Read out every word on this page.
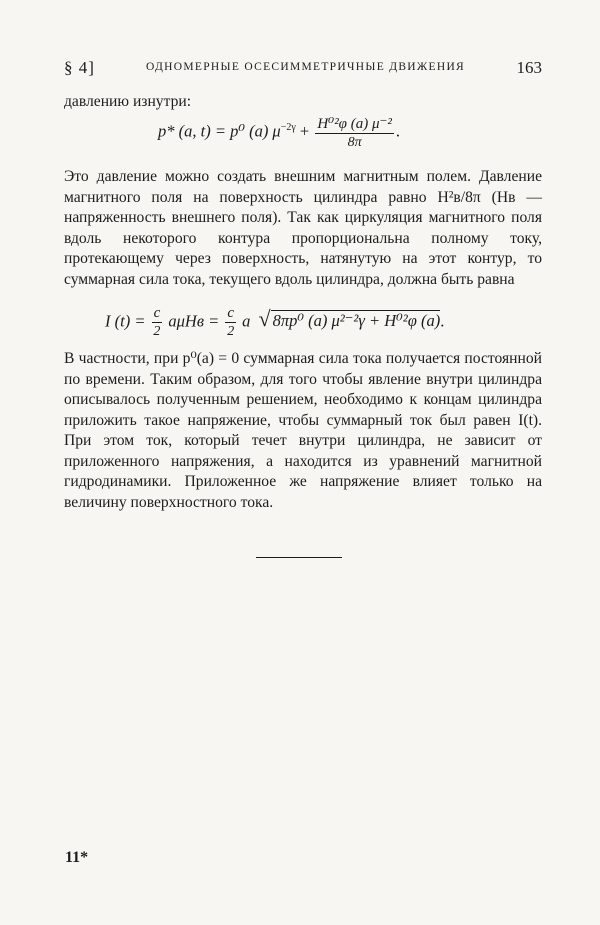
§ 4]	ОДНОМЕРНЫЕ ОСЕСИММЕТРИЧНЫЕ ДВИЖЕНИЯ	163
давлению изнутри:
p* (a, t) = p⁰ (a) $\mu^{-2\gamma} + \frac{\text{H⁰²φ (a) μ⁻²}}{8\pi}$ .
Это давление можно создать внешним магнитным полем. Давление магнитного поля на поверхность цилиндра равно H²в/8π (Hв — напряженность внешнего поля). Так как циркуляция магнитного поля вдоль некоторого контура пропорциональна полному току, протекающему через поверхность, натянутую на этот контур, то суммарная сила тока, текущего вдоль цилиндра, должна быть равна
I $(t) = \frac{c}{2}$ $a\mu Hв = \frac{c}{2}$ a √ 8πp⁰ (a) μ²⁻²γ + H⁰²φ (a).
В частности, при p⁰(a) = 0 суммарная сила тока получается постоянной по времени. Таким образом, для того чтобы явление внутри цилиндра описывалось полученным решением, необходимо к концам цилиндра приложить такое напряжение, чтобы суммарный ток был равен I(t). При этом ток, который течет внутри цилиндра, не зависит от приложенного напряжения, а находится из уравнений магнитной гидродинамики. Приложенное же напряжение влияет только на величину поверхностного тока.
11*
